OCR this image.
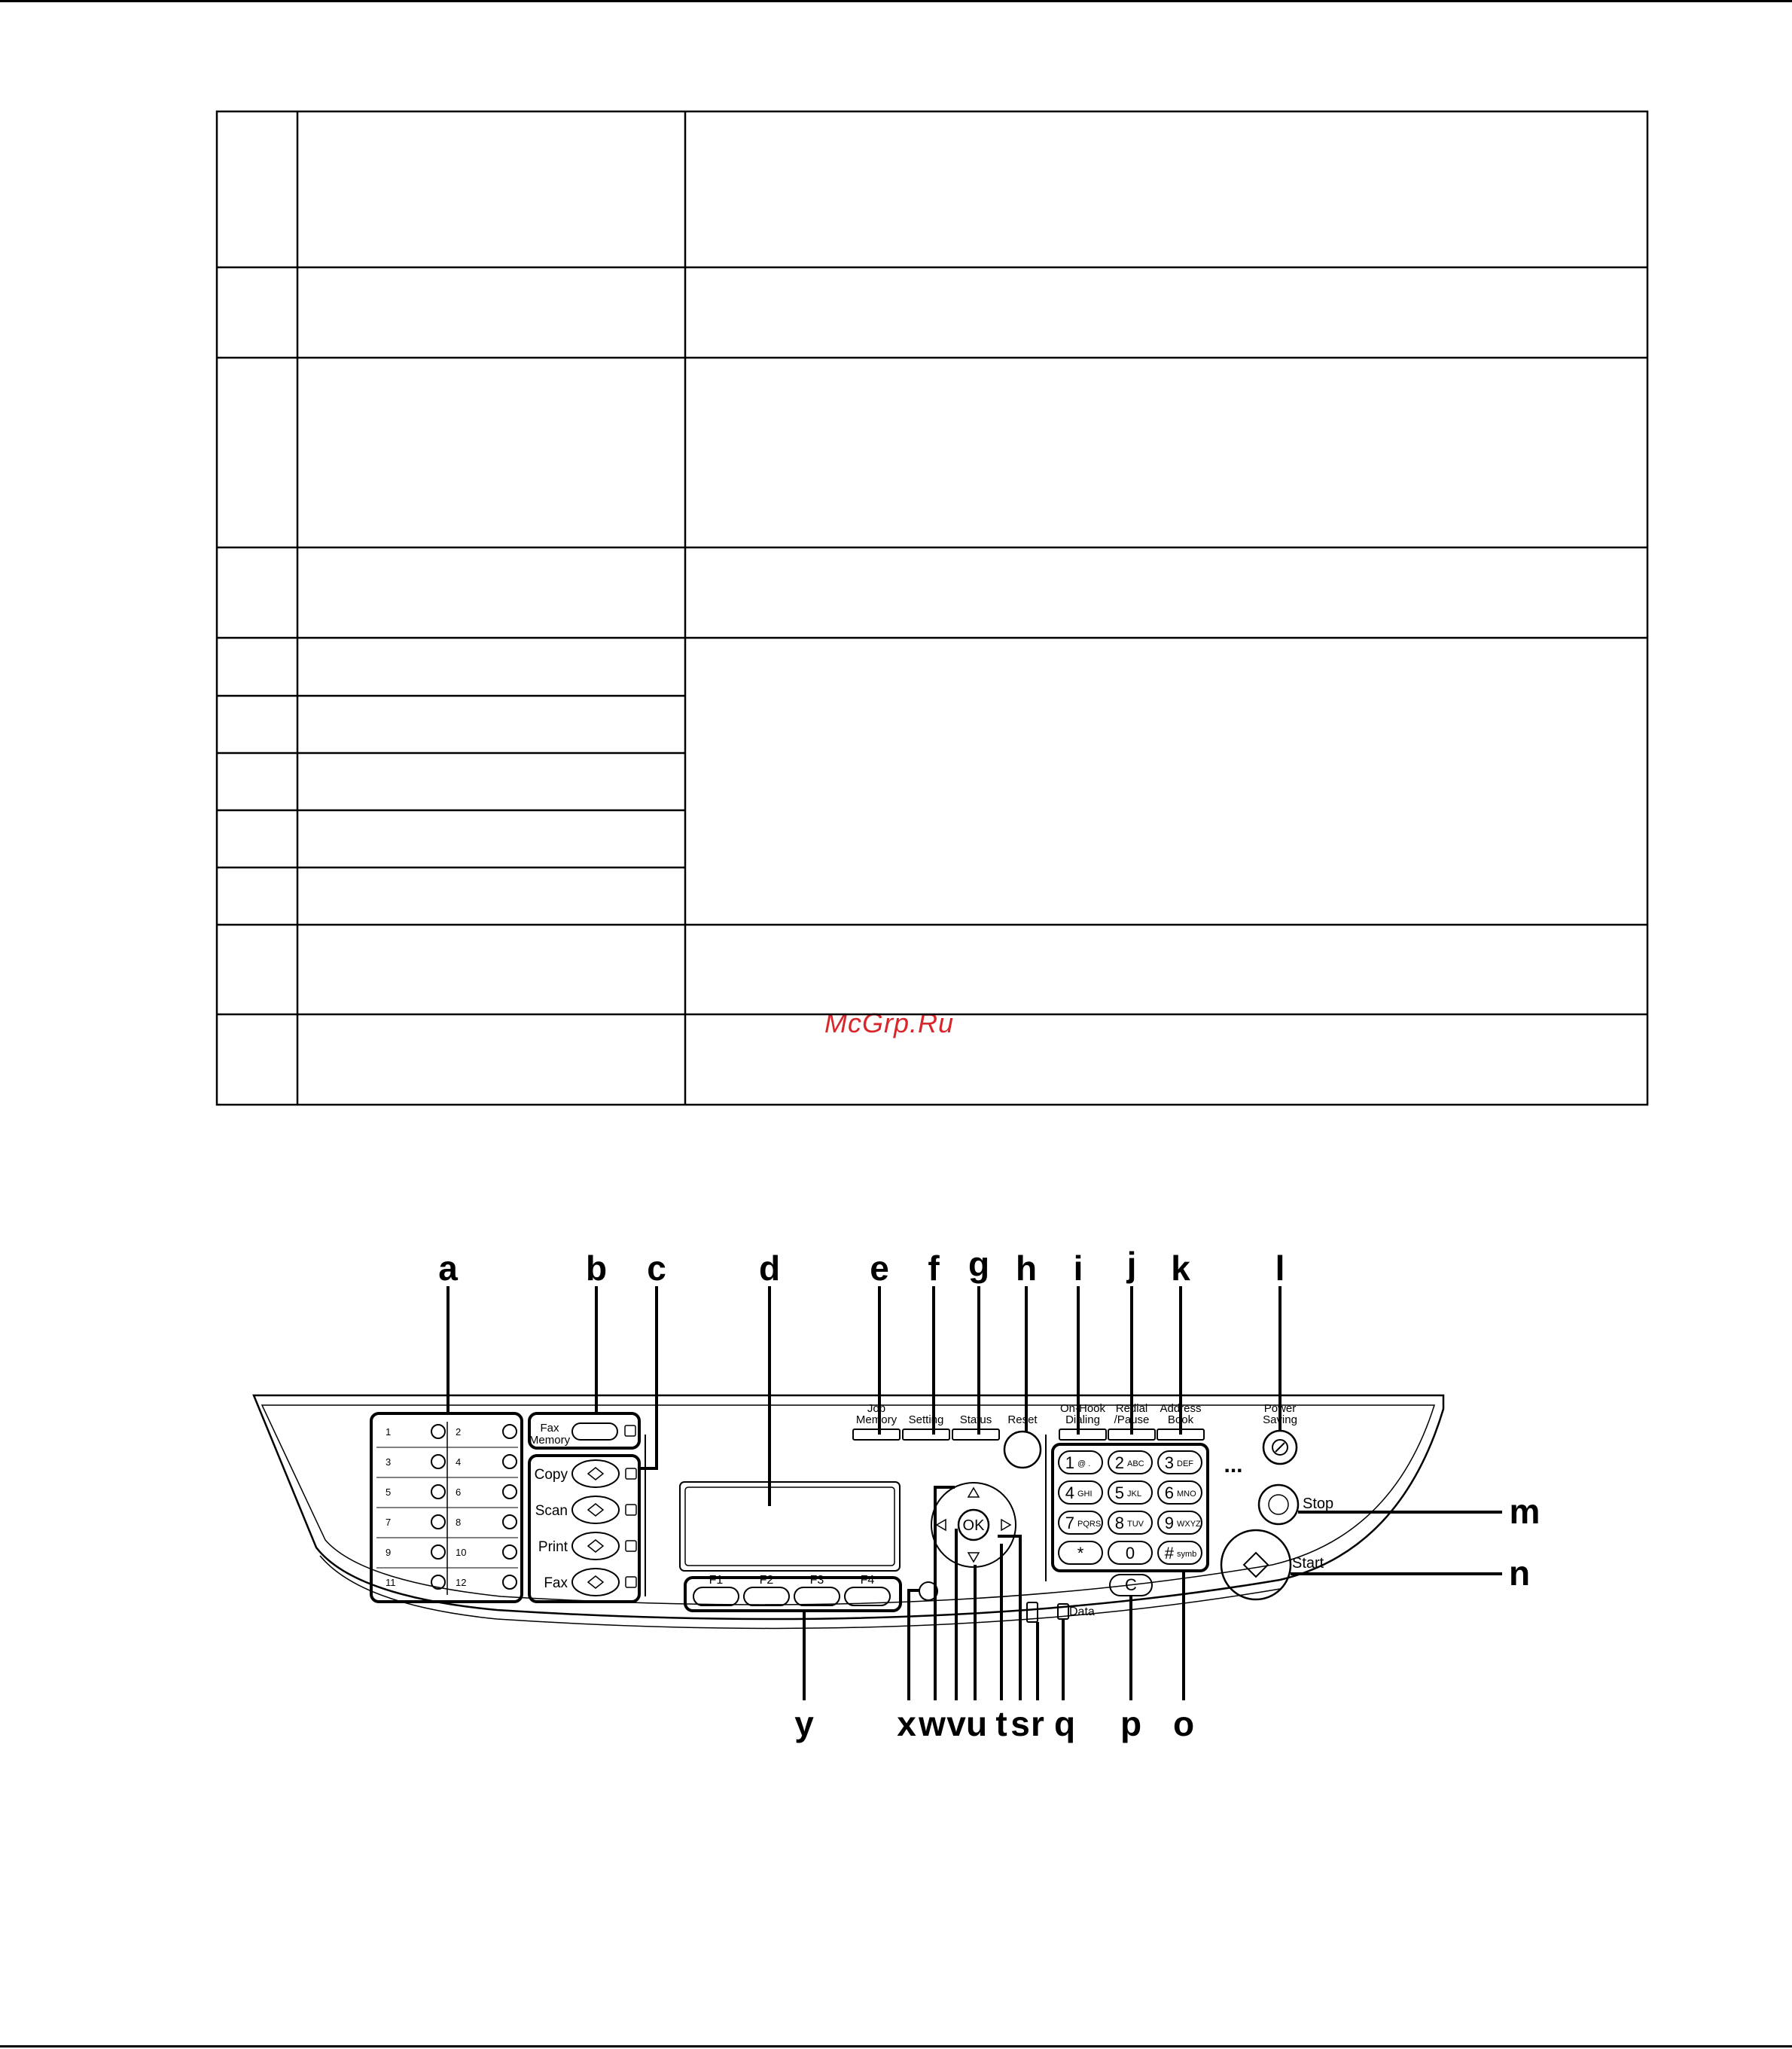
McGrp.Ru
1	2
3	4
5	6
7	8
9	10
11	12
Fax
Memory
Copy
Scan
Print
Fax	F1	F2	F3	F4
Job
Memory Setting Status Reset
On-Hook
Dialing
Redial
/Pause
Address
Book
Power
Saving
OK
1 @ . 2 ABC 3 DEF
4 GHI 5 JKL 6 MNO
7 PQRS 8 TUV 9 WXYZ
*	0 # symb
...
C
Data
Stop
Start
a	b c	d	e f g h i j k l
m
n
o
p
q
r
s
t
u
v
w
x
y
